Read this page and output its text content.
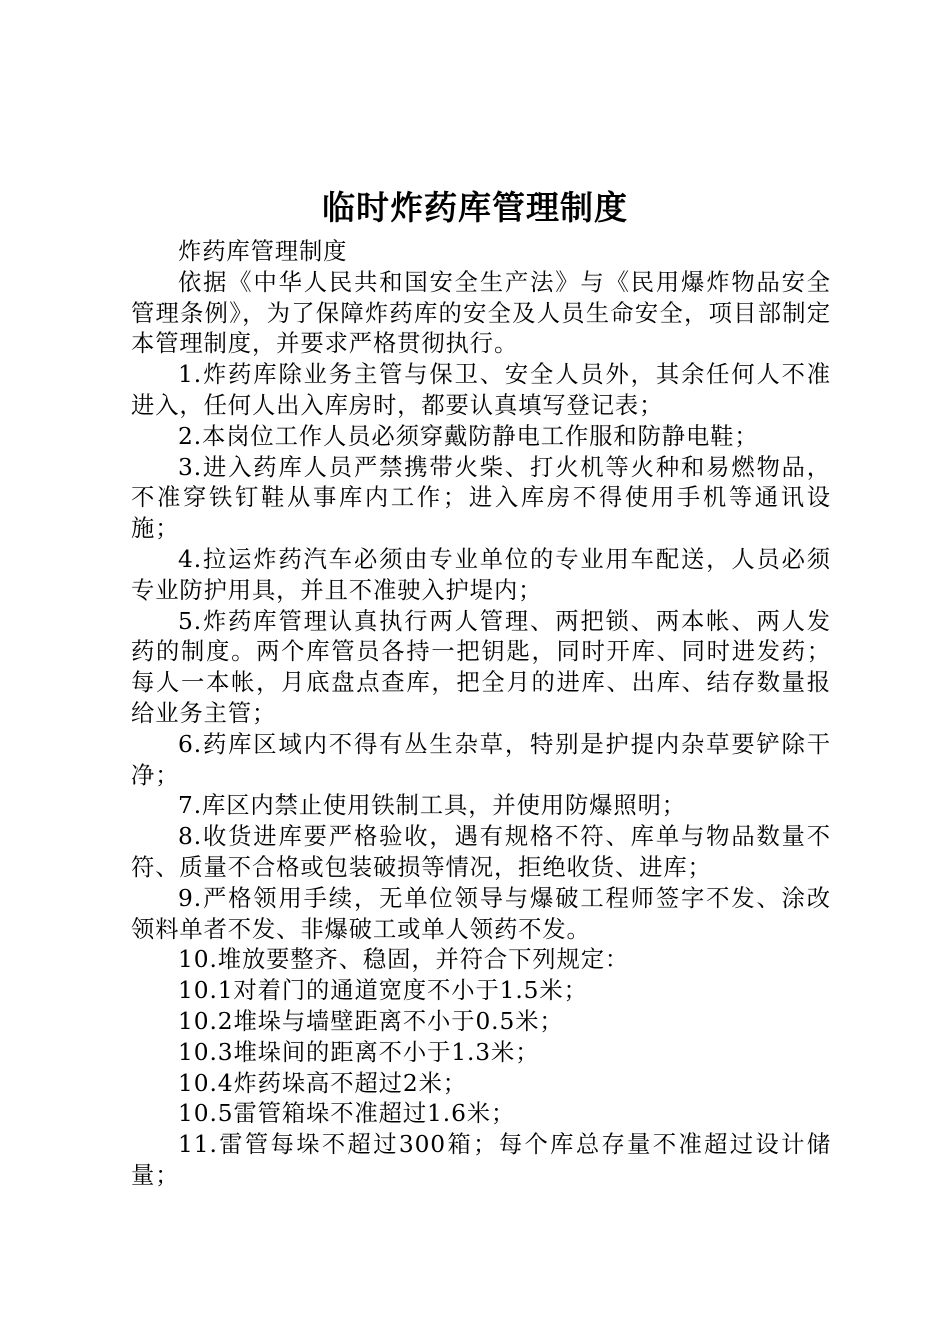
临时炸药库管理制度

炸药库管理制度

依据《中华人民共和国安全生产法》与《民用爆炸物品安全管理条例》，为了保障炸药库的安全及人员生命安全，项目部制定本管理制度，并要求严格贯彻执行。

1.炸药库除业务主管与保卫、安全人员外，其余任何人不准进入，任何人出入库房时，都要认真填写登记表；

2.本岗位工作人员必须穿戴防静电工作服和防静电鞋；

3.进入药库人员严禁携带火柴、打火机等火种和易燃物品，不准穿铁钉鞋从事库内工作；进入库房不得使用手机等通讯设施；

4.拉运炸药汽车必须由专业单位的专业用车配送，人员必须专业防护用具，并且不准驶入护堤内；

5.炸药库管理认真执行两人管理、两把锁、两本帐、两人发药的制度。两个库管员各持一把钥匙，同时开库、同时进发药；每人一本帐，月底盘点查库，把全月的进库、出库、结存数量报给业务主管；

6.药库区域内不得有丛生杂草，特别是护提内杂草要铲除干净；

7.库区内禁止使用铁制工具，并使用防爆照明；

8.收货进库要严格验收，遇有规格不符、库单与物品数量不符、质量不合格或包装破损等情况，拒绝收货、进库；

9.严格领用手续，无单位领导与爆破工程师签字不发、涂改领料单者不发、非爆破工或单人领药不发。

10.堆放要整齐、稳固，并符合下列规定：

10.1对着门的通道宽度不小于1.5米；

10.2堆垛与墙壁距离不小于0.5米；

10.3堆垛间的距离不小于1.3米；

10.4炸药垛高不超过2米；

10.5雷管箱垛不准超过1.6米；

11.雷管每垛不超过300箱；每个库总存量不准超过设计储量；
